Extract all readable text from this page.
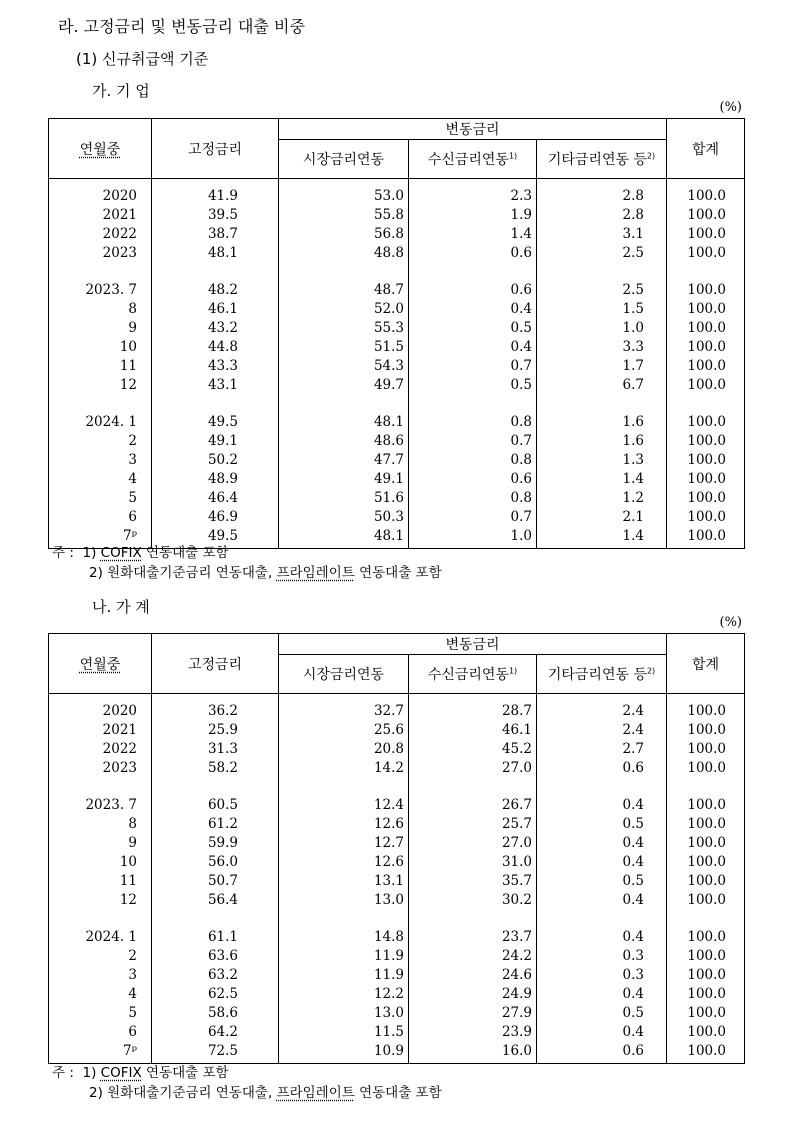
라. 고정금리 및 변동금리 대출 비중
(1) 신규취급액 기준
가. 기 업
(%)
연월중	고정금리	변동금리			합계
		시장금리연동	수신금리연동$^{1)}$	기타금리연동 등$^{2)}$

2020	41.9	53.0	2.3	2.8	100.0
2021	39.5	55.8	1.9	2.8	100.0
2022	38.7	56.8	1.4	3.1	100.0
2023	48.1	48.8	0.6	2.5	100.0

2023. 7	48.2	48.7	0.6	2.5	100.0
8	46.1	52.0	0.4	1.5	100.0
9	43.2	55.3	0.5	1.0	100.0
10	44.8	51.5	0.4	3.3	100.0
11	43.3	54.3	0.7	1.7	100.0
12	43.1	49.7	0.5	6.7	100.0

2024. 1	49.5	48.1	0.8	1.6	100.0
2	49.1	48.6	0.7	1.6	100.0
3	50.2	47.7	0.8	1.3	100.0
4	48.9	49.1	0.6	1.4	100.0
5	46.4	51.6	0.8	1.2	100.0
6	46.9	50.3	0.7	2.1	100.0
7ᵖ	49.5	48.1	1.0	1.4	100.0

주 : 1) COFIX 연동대출 포함
2) 원화대출기준금리 연동대출, 프라임레이트 연동대출 포함
나. 가 계
(%)
연월중	고정금리	변동금리			합계
		시장금리연동	수신금리연동$^{1)}$	기타금리연동 등$^{2)}$

2020	36.2	32.7	28.7	2.4	100.0
2021	25.9	25.6	46.1	2.4	100.0
2022	31.3	20.8	45.2	2.7	100.0
2023	58.2	14.2	27.0	0.6	100.0

2023. 7	60.5	12.4	26.7	0.4	100.0
8	61.2	12.6	25.7	0.5	100.0
9	59.9	12.7	27.0	0.4	100.0
10	56.0	12.6	31.0	0.4	100.0
11	50.7	13.1	35.7	0.5	100.0
12	56.4	13.0	30.2	0.4	100.0

2024. 1	61.1	14.8	23.7	0.4	100.0
2	63.6	11.9	24.2	0.3	100.0
3	63.2	11.9	24.6	0.3	100.0
4	62.5	12.2	24.9	0.4	100.0
5	58.6	13.0	27.9	0.5	100.0
6	64.2	11.5	23.9	0.4	100.0
7ᵖ	72.5	10.9	16.0	0.6	100.0

주 : 1) COFIX 연동대출 포함
2) 원화대출기준금리 연동대출, 프라임레이트 연동대출 포함
